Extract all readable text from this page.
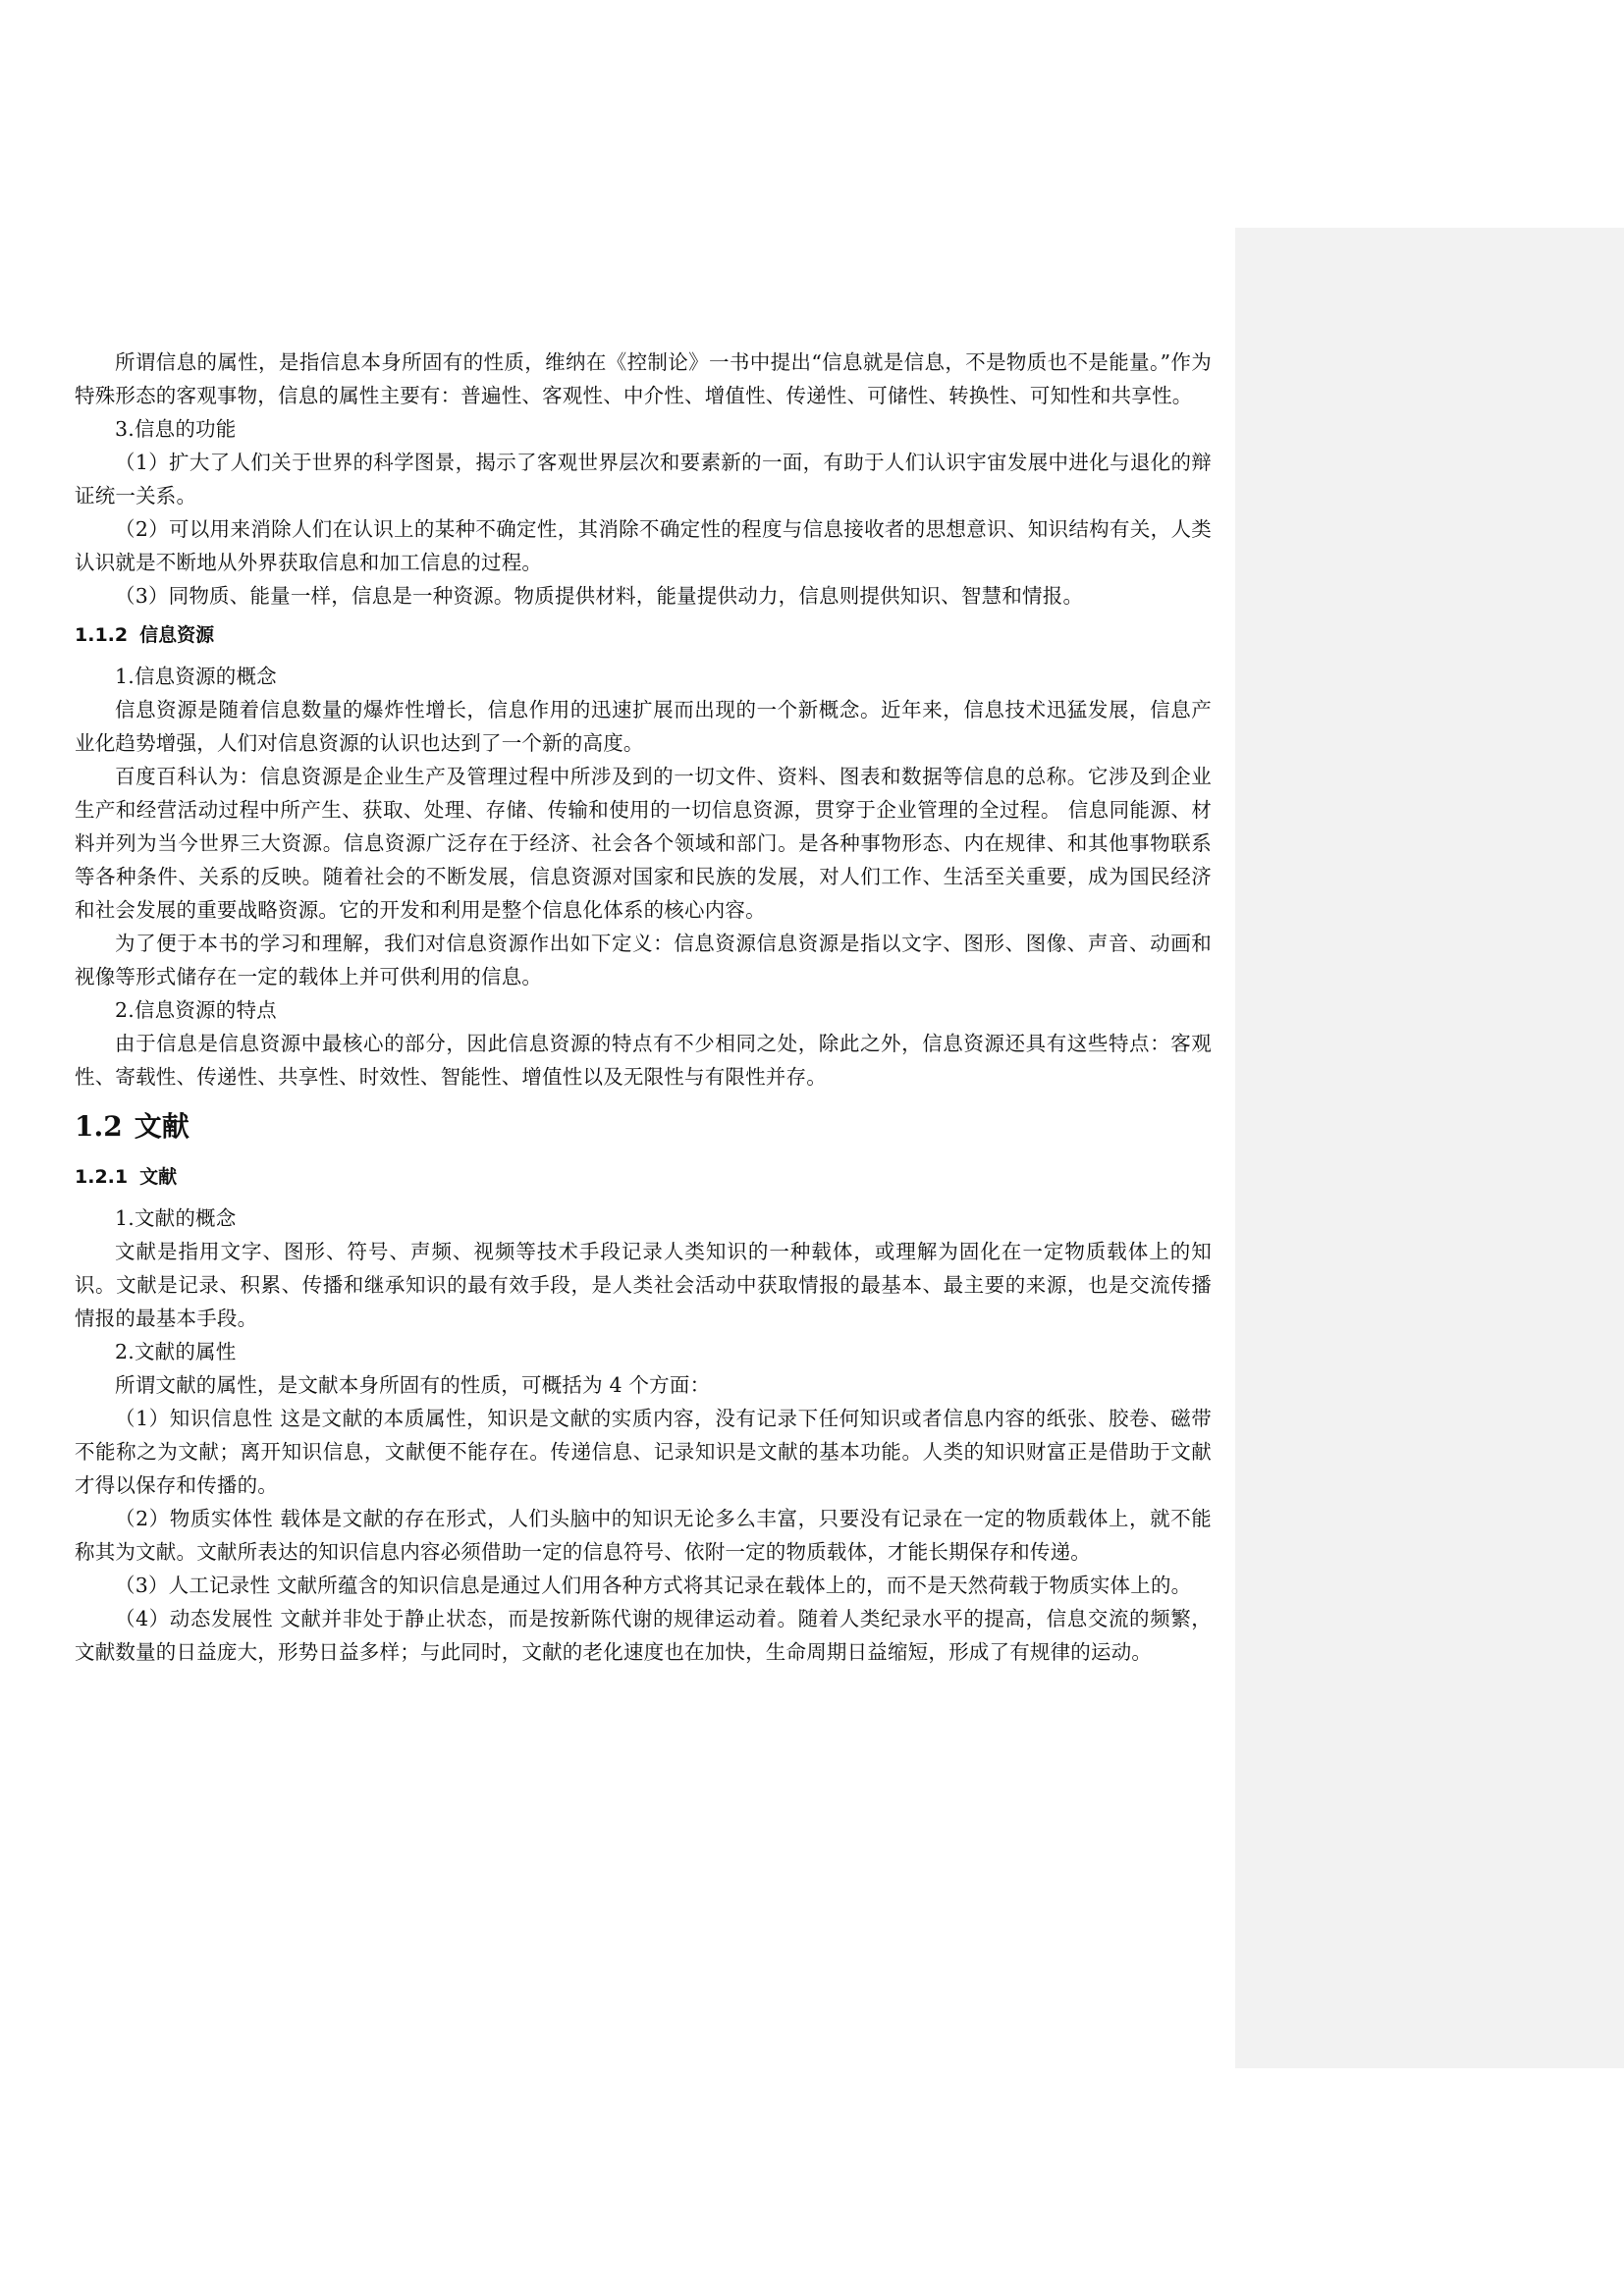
所谓信息的属性，是指信息本身所固有的性质，维纳在《控制论》一书中提出“信息就是信息，不是物质也不是能量。”作为特殊形态的客观事物，信息的属性主要有：普遍性、客观性、中介性、增值性、传递性、可储性、转换性、可知性和共享性。

3.信息的功能

（1）扩大了人们关于世界的科学图景，揭示了客观世界层次和要素新的一面，有助于人们认识宇宙发展中进化与退化的辩证统一关系。

（2）可以用来消除人们在认识上的某种不确定性，其消除不确定性的程度与信息接收者的思想意识、知识结构有关，人类认识就是不断地从外界获取信息和加工信息的过程。

（3）同物质、能量一样，信息是一种资源。物质提供材料，能量提供动力，信息则提供知识、智慧和情报。

1.1.2 信息资源

1.信息资源的概念

信息资源是随着信息数量的爆炸性增长，信息作用的迅速扩展而出现的一个新概念。近年来，信息技术迅猛发展，信息产业化趋势增强，人们对信息资源的认识也达到了一个新的高度。

百度百科认为：信息资源是企业生产及管理过程中所涉及到的一切文件、资料、图表和数据等信息的总称。它涉及到企业生产和经营活动过程中所产生、获取、处理、存储、传输和使用的一切信息资源，贯穿于企业管理的全过程。 信息同能源、材料并列为当今世界三大资源。信息资源广泛存在于经济、社会各个领域和部门。是各种事物形态、内在规律、和其他事物联系等各种条件、关系的反映。随着社会的不断发展，信息资源对国家和民族的发展，对人们工作、生活至关重要，成为国民经济和社会发展的重要战略资源。它的开发和利用是整个信息化体系的核心内容。

为了便于本书的学习和理解，我们对信息资源作出如下定义：信息资源信息资源是指以文字、图形、图像、声音、动画和视像等形式储存在一定的载体上并可供利用的信息。

2.信息资源的特点

由于信息是信息资源中最核心的部分，因此信息资源的特点有不少相同之处，除此之外，信息资源还具有这些特点：客观性、寄载性、传递性、共享性、时效性、智能性、增值性以及无限性与有限性并存。

1.2 文献
1.2.1 文献

1.文献的概念

文献是指用文字、图形、符号、声频、视频等技术手段记录人类知识的一种载体，或理解为固化在一定物质载体上的知识。文献是记录、积累、传播和继承知识的最有效手段，是人类社会活动中获取情报的最基本、最主要的来源，也是交流传播情报的最基本手段。

2.文献的属性

所谓文献的属性，是文献本身所固有的性质，可概括为 4 个方面：

（1）知识信息性 这是文献的本质属性，知识是文献的实质内容，没有记录下任何知识或者信息内容的纸张、胶卷、磁带不能称之为文献；离开知识信息，文献便不能存在。传递信息、记录知识是文献的基本功能。人类的知识财富正是借助于文献才得以保存和传播的。

（2）物质实体性 载体是文献的存在形式，人们头脑中的知识无论多么丰富，只要没有记录在一定的物质载体上，就不能称其为文献。文献所表达的知识信息内容必须借助一定的信息符号、依附一定的物质载体，才能长期保存和传递。

（3）人工记录性 文献所蕴含的知识信息是通过人们用各种方式将其记录在载体上的，而不是天然荷载于物质实体上的。

（4）动态发展性 文献并非处于静止状态，而是按新陈代谢的规律运动着。随着人类纪录水平的提高，信息交流的频繁，文献数量的日益庞大，形势日益多样；与此同时，文献的老化速度也在加快，生命周期日益缩短，形成了有规律的运动。
